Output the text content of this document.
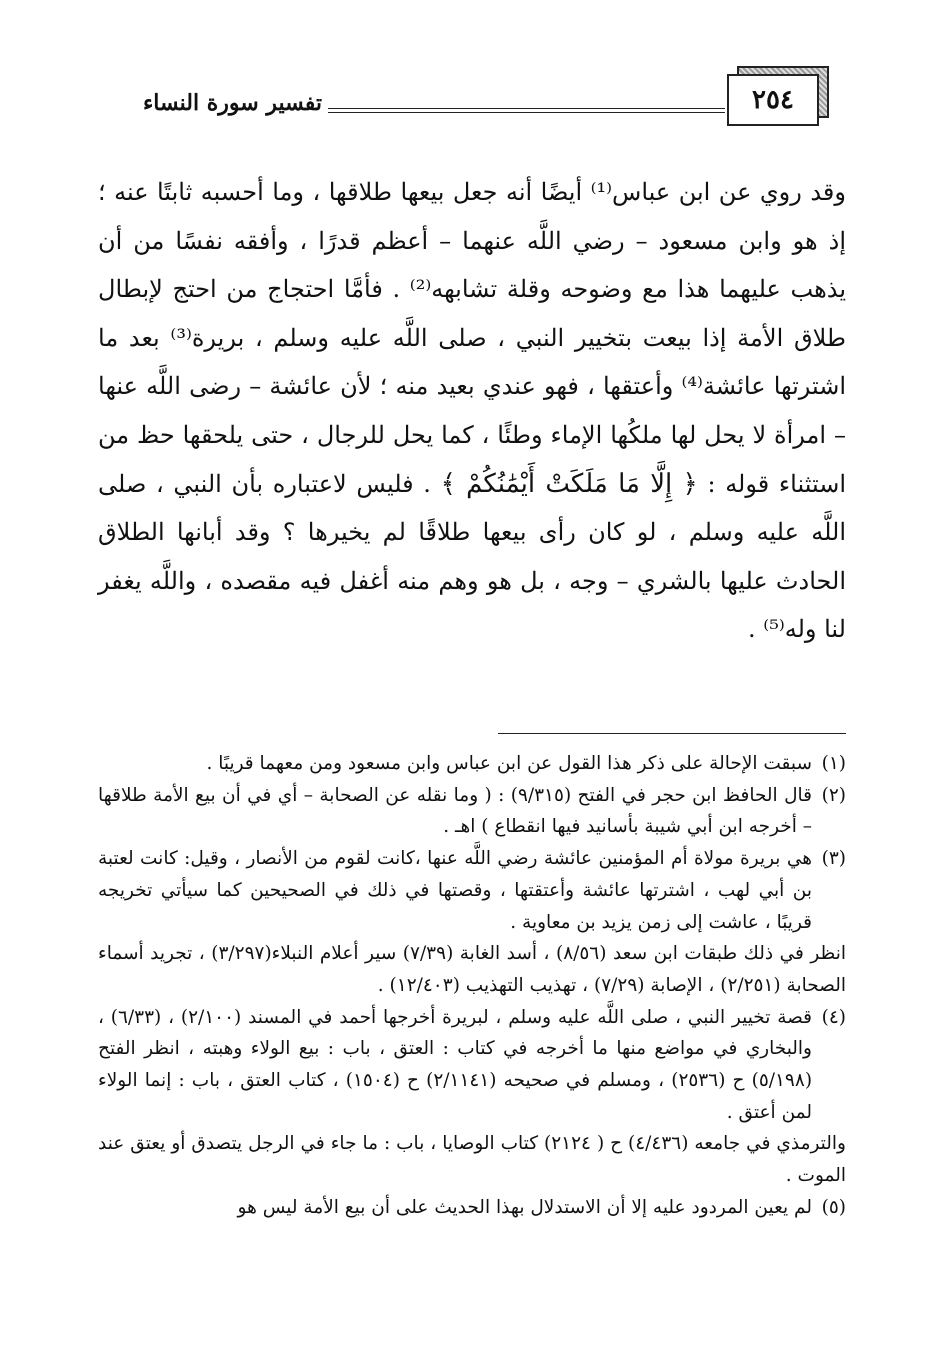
٢٥٤
تفسير سورة النساء

وقد روي عن ابن عباس⁽¹⁾ أيضًا أنه جعل بيعها طلاقها ، وما أحسبه ثابتًا عنه ؛ إذ هو وابن مسعود – رضي اللَّه عنهما – أعظم قدرًا ، وأفقه نفسًا من أن يذهب عليهما هذا مع وضوحه وقلة تشابهه⁽²⁾ . فأمَّا احتجاج من احتج لإبطال طلاق الأمة إذا بيعت بتخيير النبي ، صلى اللَّه عليه وسلم ، بريرة⁽³⁾ بعد ما اشترتها عائشة⁽⁴⁾ وأعتقها ، فهو عندي بعيد منه ؛ لأن عائشة – رضى اللَّه عنها – امرأة لا يحل لها ملكُها الإماء وطئًا ، كما يحل للرجال ، حتى يلحقها حظ من استثناء قوله : ﴿ إِلَّا مَا مَلَكَتْ أَيْمَٰنُكُمْ ﴾ . فليس لاعتباره بأن النبي ، صلى اللَّه عليه وسلم ، لو كان رأى بيعها طلاقًا لم يخيرها ؟ وقد أبانها الطلاق الحادث عليها بالشري – وجه ، بل هو وهم منه أغفل فيه مقصده ، واللَّه يغفر لنا وله⁽⁵⁾ .

(١)
سبقت الإحالة على ذكر هذا القول عن ابن عباس وابن مسعود ومن معهما قريبًا .

(٢)
قال الحافظ ابن حجر في الفتح (٩/٣١٥) : ( وما نقله عن الصحابة – أي في أن بيع الأمة طلاقها – أخرجه ابن أبي شيبة بأسانيد فيها انقطاع ) اهـ .

(٣)
هي بريرة مولاة أم المؤمنين عائشة رضي اللَّه عنها ،كانت لقوم من الأنصار ، وقيل: كانت لعتبة بن أبي لهب ، اشترتها عائشة وأعتقتها ، وقصتها في ذلك في الصحيحين كما سيأتي تخريجه قريبًا ، عاشت إلى زمن يزيد بن معاوية .

انظر في ذلك طبقات ابن سعد (٨/٥٦) ، أسد الغابة (٧/٣٩) سير أعلام النبلاء(٣/٢٩٧) ، تجريد أسماء الصحابة (٢/٢٥١) ، الإصابة (٧/٢٩) ، تهذيب التهذيب (١٢/٤٠٣) .

(٤)
قصة تخيير النبي ، صلى اللَّه عليه وسلم ، لبريرة أخرجها أحمد في المسند (٢/١٠٠) ، (٦/٣٣) ، والبخاري في مواضع منها ما أخرجه في كتاب : العتق ، باب : بيع الولاء وهبته ، انظر الفتح (٥/١٩٨) ح (٢٥٣٦) ، ومسلم في صحيحه (٢/١١٤١) ح (١٥٠٤) ، كتاب العتق ، باب : إنما الولاء لمن أعتق .

والترمذي في جامعه (٤/٤٣٦) ح ( ٢١٢٤) كتاب الوصايا ، باب : ما جاء في الرجل يتصدق أو يعتق عند الموت .

(٥)
لم يعين المردود عليه إلا أن الاستدلال بهذا الحديث على أن بيع الأمة ليس هو
